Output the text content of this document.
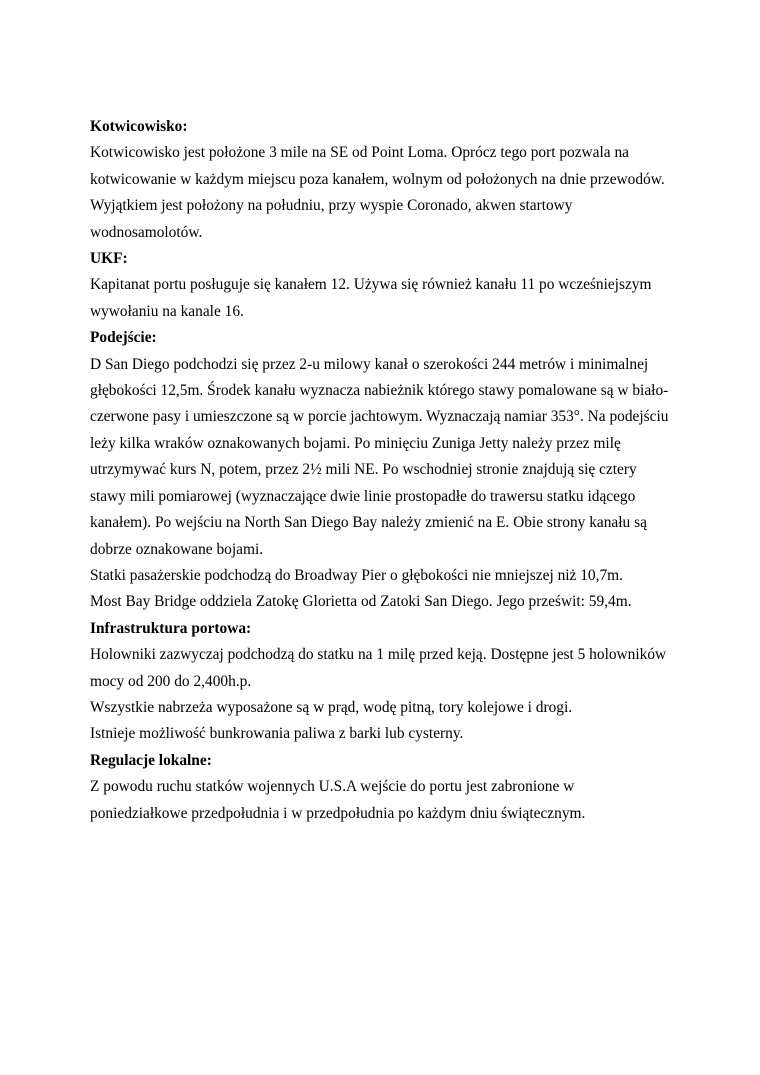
Kotwicowisko:
Kotwicowisko jest położone 3 mile na SE od Point Loma. Oprócz tego port pozwala na
kotwicowanie w każdym miejscu poza kanałem, wolnym od położonych na dnie przewodów.
Wyjątkiem jest położony na południu, przy wyspie Coronado, akwen startowy
wodnosamolotów.
UKF:
Kapitanat portu posługuje się kanałem 12. Używa się również kanału 11 po wcześniejszym
wywołaniu na kanale 16.
Podejście:
D San Diego podchodzi się przez 2-u milowy kanał o szerokości 244 metrów i minimalnej
głębokości 12,5m. Środek kanału wyznacza nabieżnik którego stawy pomalowane są w biało-
czerwone pasy i umieszczone są w porcie jachtowym. Wyznaczają namiar 353°. Na podejściu
leży kilka wraków oznakowanych bojami. Po minięciu Zuniga Jetty należy przez milę
utrzymywać kurs N, potem, przez 2½ mili NE. Po wschodniej stronie znajdują się cztery
stawy mili pomiarowej (wyznaczające dwie linie prostopadłe do trawersu statku idącego
kanałem). Po wejściu na North San Diego Bay należy zmienić na E. Obie strony kanału są
dobrze oznakowane bojami.
Statki pasażerskie podchodzą do Broadway Pier o głębokości nie mniejszej niż 10,7m.
Most Bay Bridge oddziela Zatokę Glorietta od Zatoki San Diego. Jego prześwit: 59,4m.
Infrastruktura portowa:
Holowniki zazwyczaj podchodzą do statku na 1 milę przed keją. Dostępne jest 5 holowników
mocy od 200 do 2,400h.p.
Wszystkie nabrzeża wyposażone są w prąd, wodę pitną, tory kolejowe i drogi.
Istnieje możliwość bunkrowania paliwa z barki lub cysterny.
Regulacje lokalne:
Z powodu ruchu statków wojennych U.S.A wejście do portu jest zabronione w
poniedziałkowe przedpołudnia i w przedpołudnia po każdym dniu świątecznym.
